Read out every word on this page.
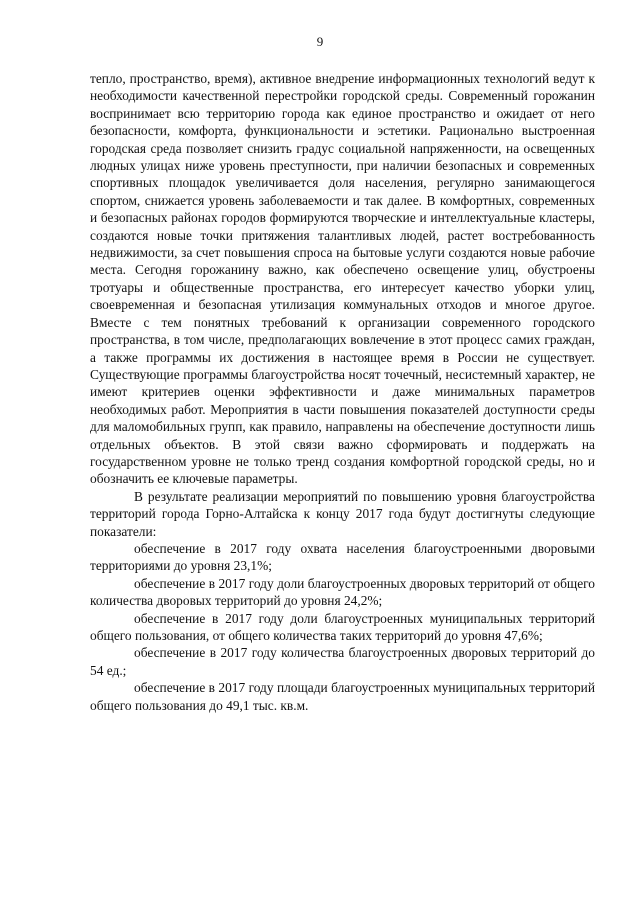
9

тепло, пространство, время), активное внедрение информационных технологий ведут к необходимости качественной перестройки городской среды. Современный горожанин воспринимает всю территорию города как единое пространство и ожидает от него безопасности, комфорта, функциональности и эстетики. Рационально выстроенная городская среда позволяет снизить градус социальной напряженности, на освещенных людных улицах ниже уровень преступности, при наличии безопасных и современных спортивных площадок увеличивается доля населения, регулярно занимающегося спортом, снижается уровень заболеваемости и так далее. В комфортных, современных и безопасных районах городов формируются творческие и интеллектуальные кластеры, создаются новые точки притяжения талантливых людей, растет востребованность недвижимости, за счет повышения спроса на бытовые услуги создаются новые рабочие места. Сегодня горожанину важно, как обеспечено освещение улиц, обустроены тротуары и общественные пространства, его интересует качество уборки улиц, своевременная и безопасная утилизация коммунальных отходов и многое другое. Вместе с тем понятных требований к организации современного городского пространства, в том числе, предполагающих вовлечение в этот процесс самих граждан, а также программы их достижения в настоящее время в России не существует. Существующие программы благоустройства носят точечный, несистемный характер, не имеют критериев оценки эффективности и даже минимальных параметров необходимых работ. Мероприятия в части повышения показателей доступности среды для маломобильных групп, как правило, направлены на обеспечение доступности лишь отдельных объектов. В этой связи важно сформировать и поддержать на государственном уровне не только тренд создания комфортной городской среды, но и обозначить ее ключевые параметры.

В результате реализации мероприятий по повышению уровня благоустройства территорий города Горно-Алтайска к концу 2017 года будут достигнуты следующие показатели:

обеспечение в 2017 году охвата населения благоустроенными дворовыми территориями до уровня 23,1%;

обеспечение в 2017 году доли благоустроенных дворовых территорий от общего количества дворовых территорий до уровня 24,2%;

обеспечение в 2017 году доли благоустроенных муниципальных территорий общего пользования, от общего количества таких территорий до уровня 47,6%;

обеспечение в 2017 году количества благоустроенных дворовых территорий до 54 ед.;

обеспечение в 2017 году площади благоустроенных муниципальных территорий общего пользования до 49,1 тыс. кв.м.
